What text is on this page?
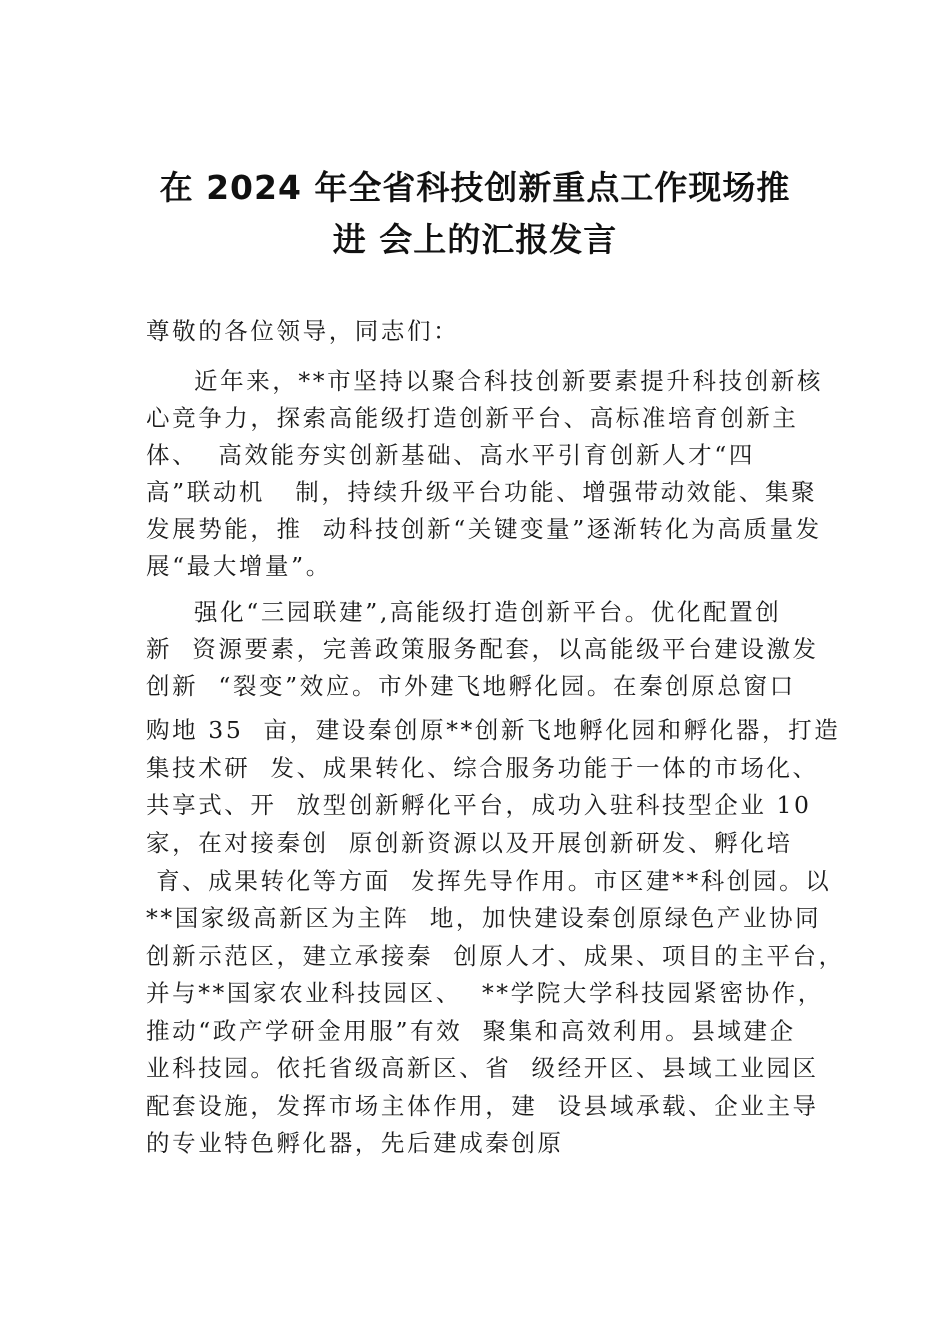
在 2024 年全省科技创新重点工作现场推
进 会上的汇报发言
尊敬的各位领导，同志们：
近年来，**市坚持以聚合科技创新要素提升科技创新核
心竞争力，探索高能级打造创新平台、高标准培育创新主
体、  高效能夯实创新基础、高水平引育创新人才“四
高”联动机   制，持续升级平台功能、增强带动效能、集聚
发展势能，推  动科技创新“关键变量”逐渐转化为高质量发
展“最大增量”。
强化“三园联建”,高能级打造创新平台。优化配置创
新  资源要素，完善政策服务配套，以高能级平台建设激发
创新  “裂变”效应。市外建飞地孵化园。在秦创原总窗口
购地 35  亩，建设秦创原**创新飞地孵化园和孵化器，打造
集技术研  发、成果转化、综合服务功能于一体的市场化、
共享式、开  放型创新孵化平台，成功入驻科技型企业 10
家，在对接秦创  原创新资源以及开展创新研发、孵化培
育、成果转化等方面  发挥先导作用。市区建**科创园。以
**国家级高新区为主阵  地，加快建设秦创原绿色产业协同
创新示范区，建立承接秦  创原人才、成果、项目的主平台，
并与**国家农业科技园区、  **学院大学科技园紧密协作，
推动“政产学研金用服”有效  聚集和高效利用。县域建企
业科技园。依托省级高新区、省  级经开区、县域工业园区
配套设施，发挥市场主体作用，建  设县域承载、企业主导
的专业特色孵化器，先后建成秦创原
